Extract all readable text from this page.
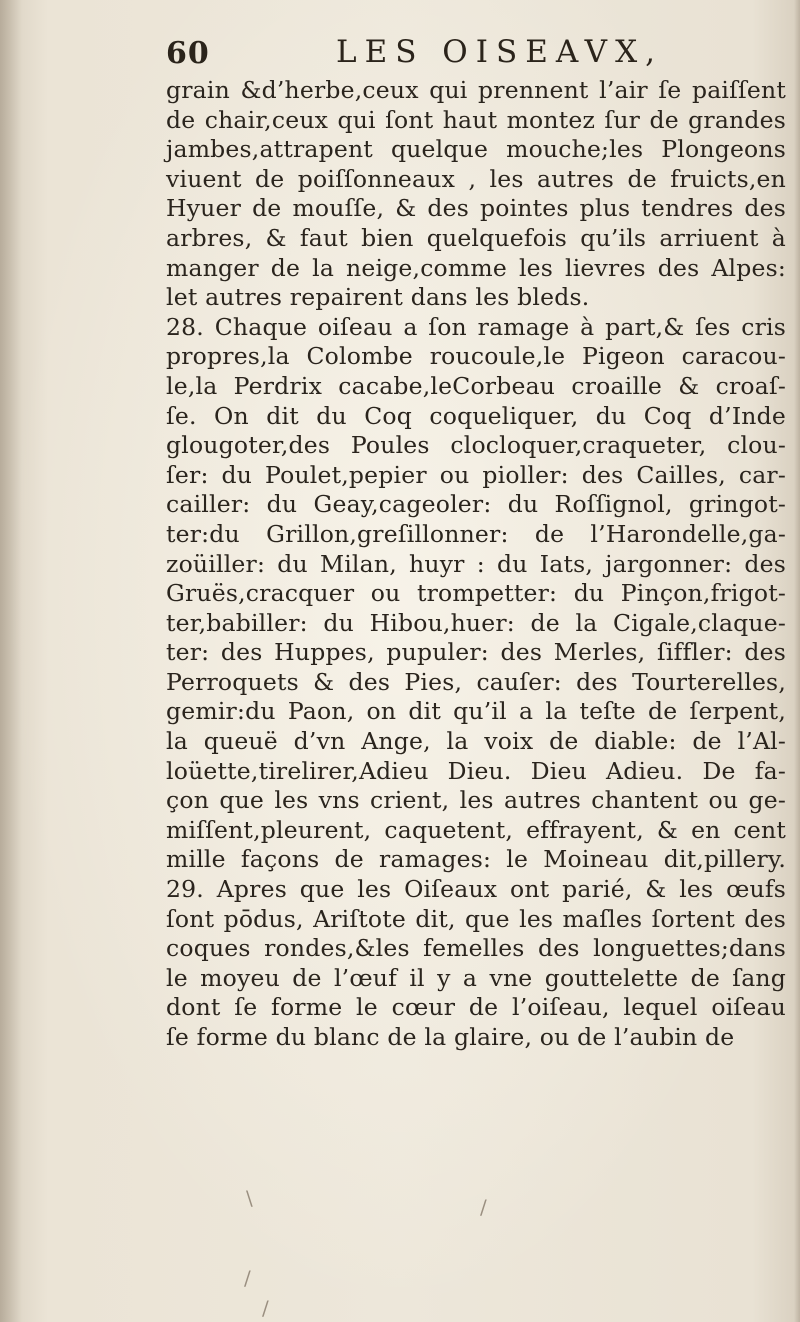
60	LES OISEAVX,
grain &d’herbe,ceux qui prennent l’air ſe paiſſent
de chair,ceux qui ſont haut montez ſur de grandes
jambes,attrapent quelque mouche;les Plongeons
viuent de poiſſonneaux , les autres de fruicts,en
Hyuer de mouſſe, & des pointes plus tendres des
arbres, & faut bien quelquefois qu’ils arriuent à
manger de la neige,comme les lievres des Alpes:
let autres repairent dans les bleds.
28. Chaque oiſeau a ſon ramage à part,& ſes cris
propres,la Colombe roucoule,le Pigeon caracou-
le,la Perdrix cacabe,leCorbeau croaille & croaſ-
ſe. On dit du Coq coqueliquer, du Coq d’Inde
glougoter,des Poules clocloquer,craqueter, clou-
ſer: du Poulet,pepier ou pioller: des Cailles, car-
cailler: du Geay,cageoler: du Roſſignol, gringot-
ter:du Grillon,greſillonner: de l’Harondelle,ga-
zoüiller: du Milan, huyr : du Iats, jargonner: des
Gruës,cracquer ou trompetter: du Pinçon,frigot-
ter,babiller: du Hibou,huer: de la Cigale,claque-
ter: des Huppes, pupuler: des Merles, ſiffler: des
Perroquets & des Pies, cauſer: des Tourterelles,
gemir:du Paon, on dit qu’il a la teſte de ſerpent,
la queuë d’vn Ange, la voix de diable: de l’Al-
loüette,tirelirer,Adieu Dieu. Dieu Adieu. De fa-
çon que les vns crient, les autres chantent ou ge-
miſſent,pleurent, caquetent, effrayent, & en cent
mille façons de ramages: le Moineau dit,pillery.
29. Apres que les Oiſeaux ont parié, & les œufs
ſont pōdus, Ariſtote dit, que les maſles ſortent des
coques rondes,&les femelles des longuettes;dans
le moyeu de l’œuf il y a vne gouttelette de ſang
dont ſe forme le cœur de l’oiſeau, lequel oiſeau
ſe forme du blanc de la glaire, ou de l’aubin de
\	/
/
/
